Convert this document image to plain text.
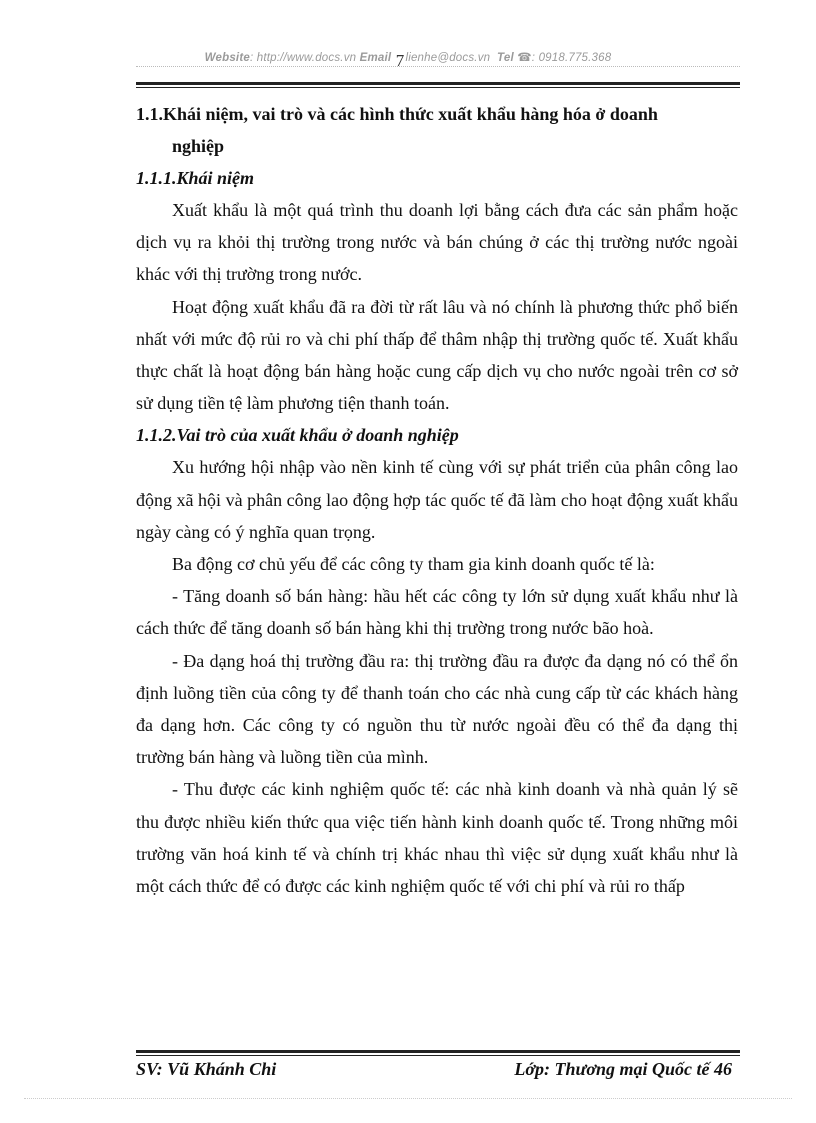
Website: http://www.docs.vn Email 7lienhe@docs.vn Tel ☎: 0918.775.368
1.1.Khái niệm, vai trò và các hình thức xuất khẩu hàng hóa ở doanh
nghiệp
1.1.1.Khái niệm

Xuất khẩu là một quá trình thu doanh lợi bằng cách đưa các sản phẩm hoặc dịch vụ ra khỏi thị trường trong nước và bán chúng ở các thị trường nước ngoài khác với thị trường trong nước.

Hoạt động xuất khẩu đã ra đời từ rất lâu và nó chính là phương thức phổ biến nhất với mức độ rủi ro và chi phí thấp để thâm nhập thị trường quốc tế. Xuất khẩu thực chất là hoạt động bán hàng hoặc cung cấp dịch vụ cho nước ngoài trên cơ sở sử dụng tiền tệ làm phương tiện thanh toán.

1.1.2.Vai trò của xuất khẩu ở doanh nghiệp

Xu hướng hội nhập vào nền kinh tế cùng với sự phát triển của phân công lao động xã hội và phân công lao động hợp tác quốc tế đã làm cho hoạt động xuất khẩu ngày càng có ý nghĩa quan trọng.

Ba động cơ chủ yếu để các công ty tham gia kinh doanh quốc tế là:

- Tăng doanh số bán hàng: hầu hết các công ty lớn sử dụng xuất khẩu như là cách thức để tăng doanh số bán hàng khi thị trường trong nước bão hoà.

- Đa dạng hoá thị trường đầu ra: thị trường đầu ra được đa dạng nó có thể ổn định luồng tiền của công ty để thanh toán cho các nhà cung cấp từ các khách hàng đa dạng hơn. Các công ty có nguồn thu từ nước ngoài đều có thể đa dạng thị trường bán hàng và luồng tiền của mình.

- Thu được các kinh nghiệm quốc tế: các nhà kinh doanh và nhà quản lý sẽ thu được nhiều kiến thức qua việc tiến hành kinh doanh quốc tế. Trong những môi trường văn hoá kinh tế và chính trị khác nhau thì việc sử dụng xuất khẩu như là một cách thức để có được các kinh nghiệm quốc tế với chi phí và rủi ro thấp

SV: Vũ Khánh Chi	Lớp: Thương mại Quốc tế 46
